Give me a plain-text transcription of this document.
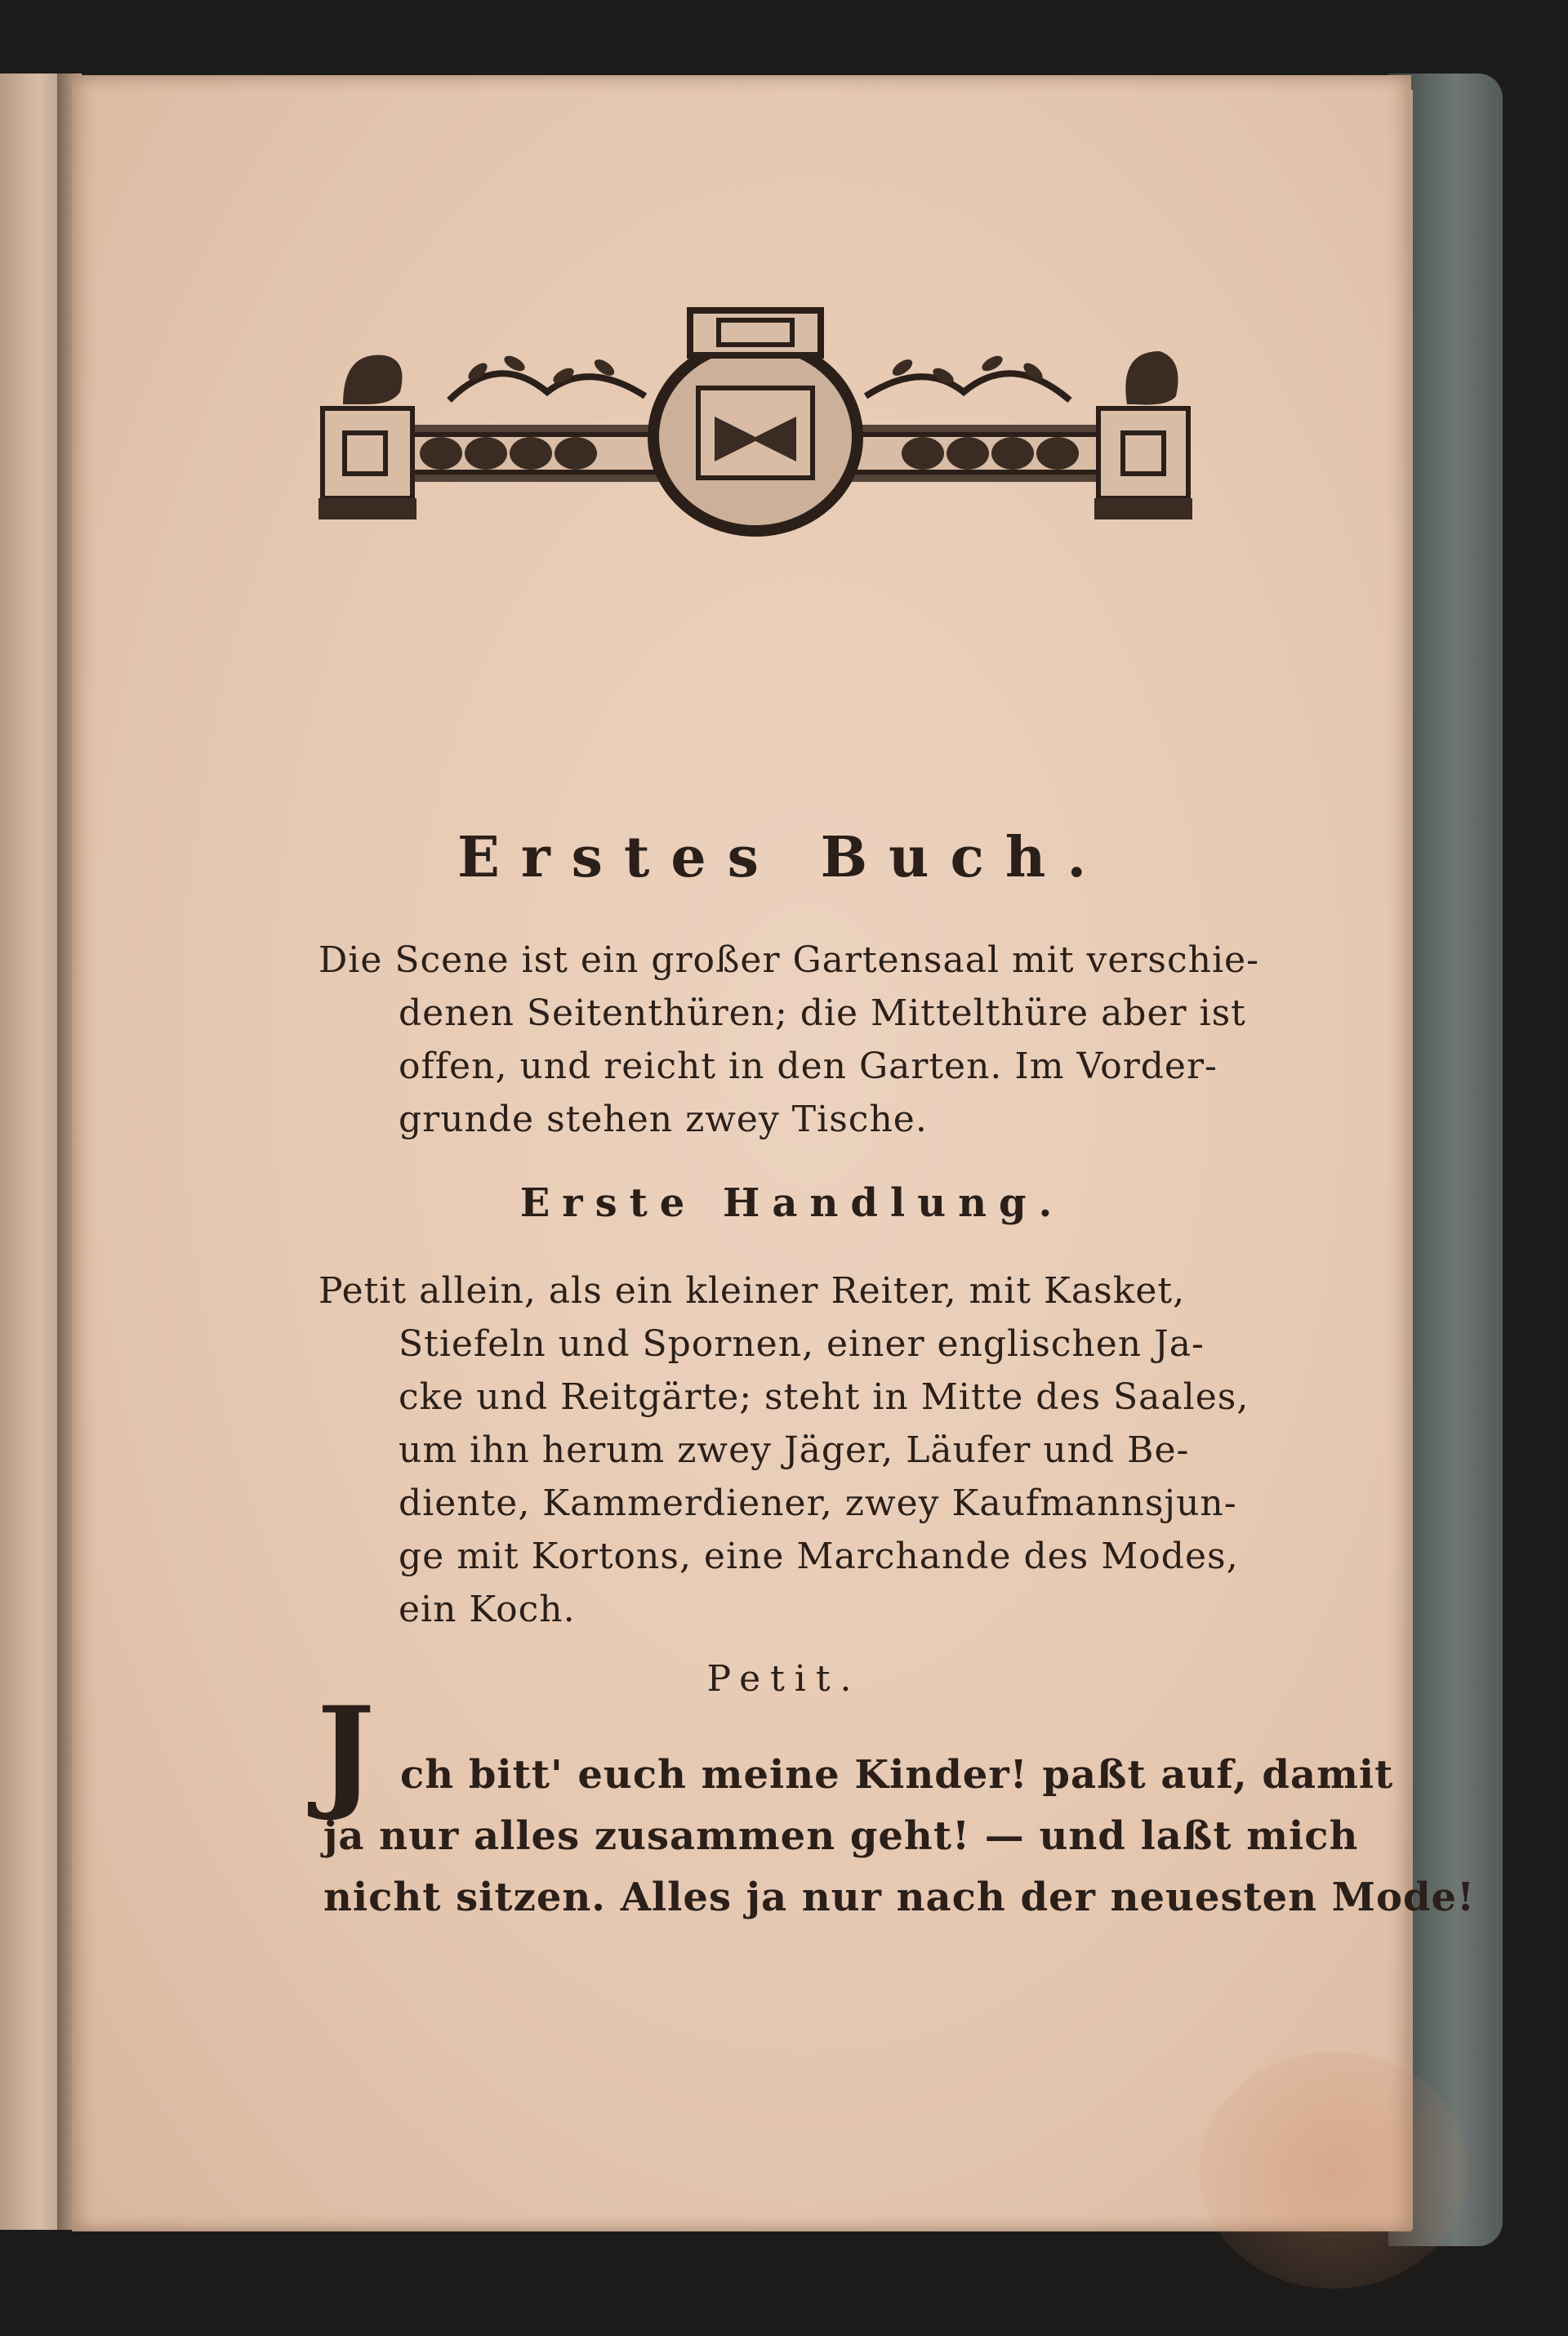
Erstes Buch.
Die Scene ist ein großer Gartensaal mit verschie-
denen Seitenthüren; die Mittelthüre aber ist
offen, und reicht in den Garten. Im Vorder-
grunde stehen zwey Tische.
Erste Handlung.
Petit allein, als ein kleiner Reiter, mit Kasket,
Stiefeln und Spornen, einer englischen Ja-
cke und Reitgärte; steht in Mitte des Saales,
um ihn herum zwey Jäger, Läufer und Be-
diente, Kammerdiener, zwey Kaufmannsjun-
ge mit Kortons, eine Marchande des Modes,
ein Koch.
Petit.
J ch bitt' euch meine Kinder! paßt auf, damit
ja nur alles zusammen geht! — und laßt mich
nicht sitzen. Alles ja nur nach der neuesten Mode!
